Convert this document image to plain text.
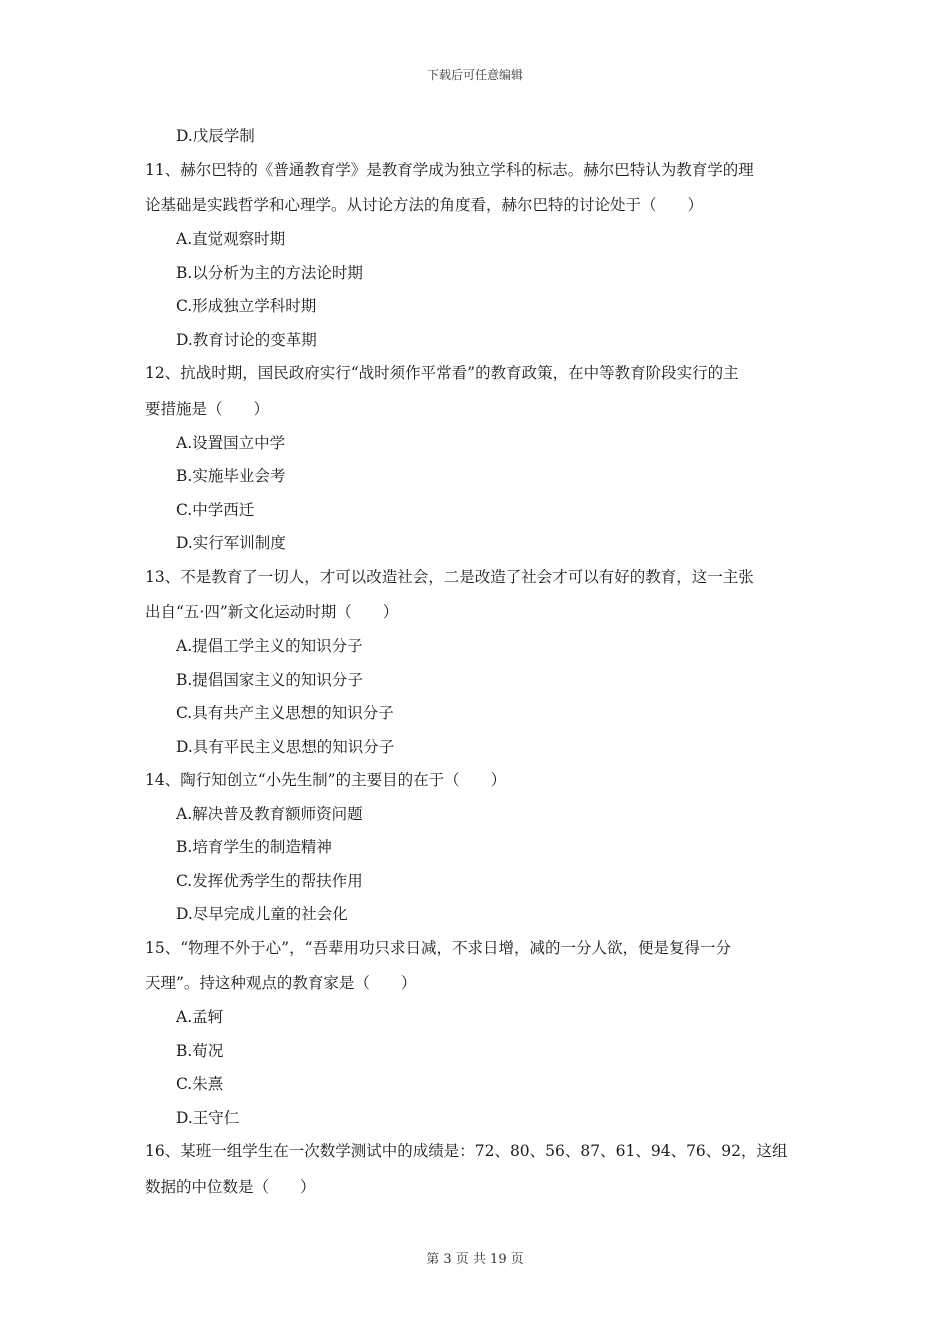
下载后可任意编辑
D.戊辰学制
11、赫尔巴特的《普通教育学》是教育学成为独立学科的标志。赫尔巴特认为教育学的理
论基础是实践哲学和心理学。从讨论方法的角度看，赫尔巴特的讨论处于（　　）
A.直觉观察时期
B.以分析为主的方法论时期
C.形成独立学科时期
D.教育讨论的变革期
12、抗战时期，国民政府实行“战时须作平常看”的教育政策，在中等教育阶段实行的主
要措施是（　　）
A.设置国立中学
B.实施毕业会考
C.中学西迁
D.实行军训制度
13、不是教育了一切人，才可以改造社会，二是改造了社会才可以有好的教育，这一主张
出自“五·四”新文化运动时期（　　）
A.提倡工学主义的知识分子
B.提倡国家主义的知识分子
C.具有共产主义思想的知识分子
D.具有平民主义思想的知识分子
14、陶行知创立“小先生制”的主要目的在于（　　）
A.解决普及教育额师资问题
B.培育学生的制造精神
C.发挥优秀学生的帮扶作用
D.尽早完成儿童的社会化
15、“物理不外于心”，“吾辈用功只求日减，不求日增，减的一分人欲，便是复得一分
天理”。持这种观点的教育家是（　　）
A.孟轲
B.荀况
C.朱熹
D.王守仁
16、某班一组学生在一次数学测试中的成绩是：72、80、56、87、61、94、76、92，这组
数据的中位数是（　　）
第 3 页 共 19 页
